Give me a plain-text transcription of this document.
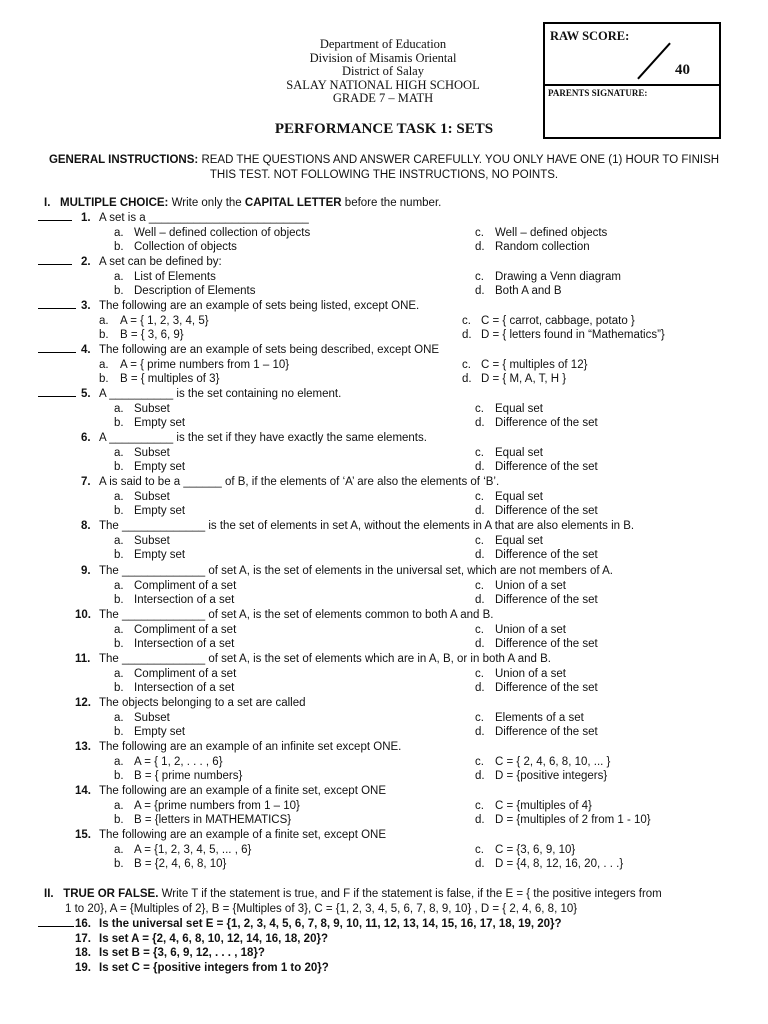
Department of Education
Division of Misamis Oriental
District of Salay
SALAY NATIONAL HIGH SCHOOL
GRADE 7 – MATH
RAW SCORE:
40
PARENTS SIGNATURE:
PERFORMANCE TASK 1: SETS
GENERAL INSTRUCTIONS: READ THE QUESTIONS AND ANSWER CAREFULLY. YOU ONLY HAVE ONE (1) HOUR TO FINISH
THIS TEST. NOT FOLLOWING THE INSTRUCTIONS, NO POINTS.
I. MULTIPLE CHOICE: Write only the CAPITAL LETTER before the number.
1. A set is a _________________________
a. Well – defined collection of objects
b. Collection of objects
c. Well – defined objects
d. Random collection
2. A set can be defined by:
a. List of Elements
b. Description of Elements
c. Drawing a Venn diagram
d. Both A and B
3. The following are an example of sets being listed, except ONE.
a. A = { 1, 2, 3, 4, 5}
b. B = { 3, 6, 9}
c. C = { carrot, cabbage, potato }
d. D = { letters found in “Mathematics”}
4. The following are an example of sets being described, except ONE
a. A = { prime numbers from 1 – 10}
b. B = { multiples of 3}
c. C = { multiples of 12}
d. D = { M, A, T, H }
5. A __________ is the set containing no element.
a. Subset
b. Empty set
c. Equal set
d. Difference of the set
6. A __________ is the set if they have exactly the same elements.
a. Subset
b. Empty set
c. Equal set
d. Difference of the set
7. A is said to be a ______ of B, if the elements of ‘A’ are also the elements of ‘B’.
a. Subset
b. Empty set
c. Equal set
d. Difference of the set
8. The _____________ is the set of elements in set A, without the elements in A that are also elements in B.
a. Subset
b. Empty set
c. Equal set
d. Difference of the set
9. The _____________ of set A, is the set of elements in the universal set, which are not members of A.
a. Compliment of a set
b. Intersection of a set
c. Union of a set
d. Difference of the set
10. The _____________ of set A, is the set of elements common to both A and B.
a. Compliment of a set
b. Intersection of a set
c. Union of a set
d. Difference of the set
11. The _____________ of set A, is the set of elements which are in A, B, or in both A and B.
a. Compliment of a set
b. Intersection of a set
c. Union of a set
d. Difference of the set
12. The objects belonging to a set are called
a. Subset
b. Empty set
c. Elements of a set
d. Difference of the set
13. The following are an example of an infinite set except ONE.
a. A = { 1, 2, . . . , 6}
b. B = { prime numbers}
c. C = { 2, 4, 6, 8, 10, ... }
d. D = {positive integers}
14. The following are an example of a finite set, except ONE
a. A = {prime numbers from 1 – 10}
b. B = {letters in MATHEMATICS}
c. C = {multiples of 4}
d. D = {multiples of 2 from 1 - 10}
15. The following are an example of a finite set, except ONE
a. A = {1, 2, 3, 4, 5, ... , 6}
b. B = {2, 4, 6, 8, 10}
c. C = {3, 6, 9, 10}
d. D = {4, 8, 12, 16, 20, . . .}
II. TRUE OR FALSE. Write T if the statement is true, and F if the statement is false, if the E = { the positive integers from
1 to 20}, A = {Multiples of 2}, B = {Multiples of 3}, C = {1, 2, 3, 4, 5, 6, 7, 8, 9, 10} , D = { 2, 4, 6, 8, 10}
16. Is the universal set E = {1, 2, 3, 4, 5, 6, 7, 8, 9, 10, 11, 12, 13, 14, 15, 16, 17, 18, 19, 20}?
17. Is set A = {2, 4, 6, 8, 10, 12, 14, 16, 18, 20}?
18. Is set B = {3, 6, 9, 12, . . . , 18}?
19. Is set C = {positive integers from 1 to 20}?
